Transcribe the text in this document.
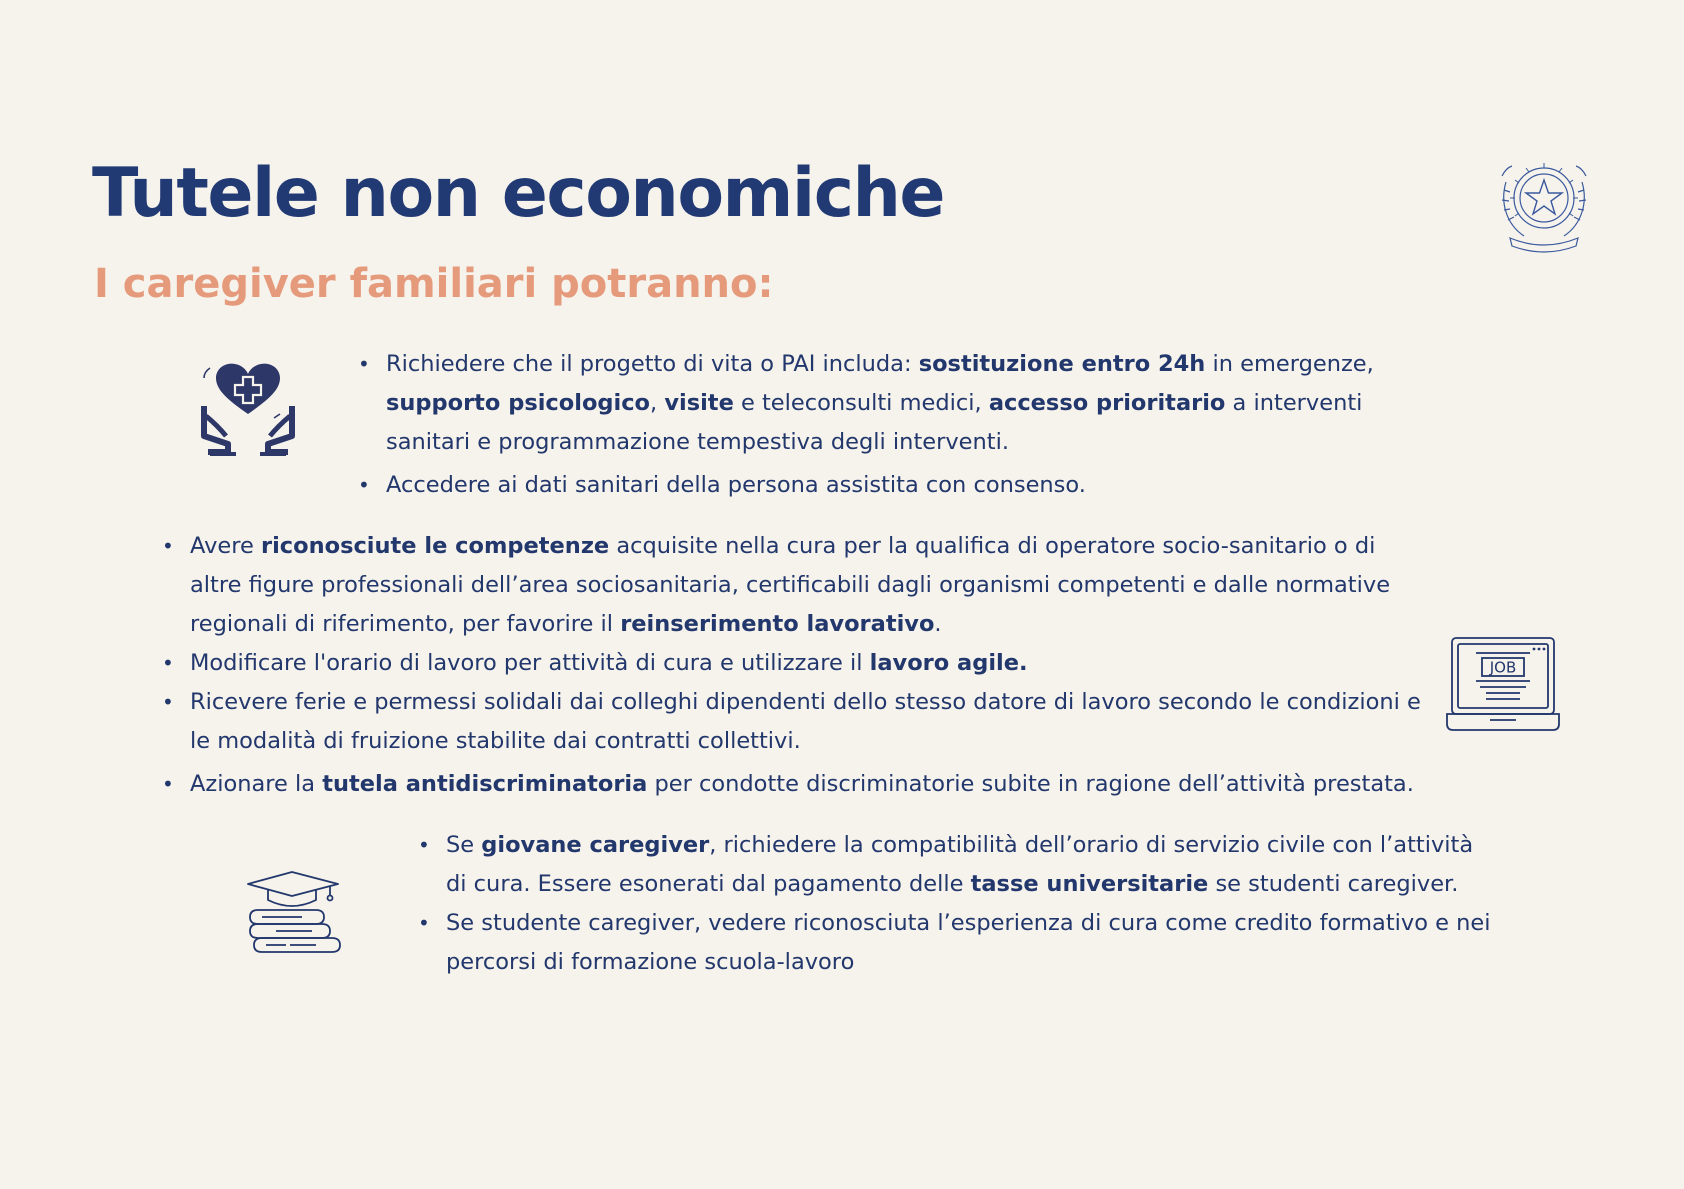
Tutele non economiche
I caregiver familiari potranno:
• Richiedere che il progetto di vita o PAI includa: sostituzione entro 24h in emergenze, supporto psicologico, visite e teleconsulti medici, accesso prioritario a interventi sanitari e programmazione tempestiva degli interventi.
• Accedere ai dati sanitari della persona assistita con consenso.
• Avere riconosciute le competenze acquisite nella cura per la qualifica di operatore socio-sanitario o di altre figure professionali dell’area sociosanitaria, certificabili dagli organismi competenti e dalle normative regionali di riferimento, per favorire il reinserimento lavorativo.
• Modificare l'orario di lavoro per attività di cura e utilizzare il lavoro agile.
• Ricevere ferie e permessi solidali dai colleghi dipendenti dello stesso datore di lavoro secondo le condizioni e le modalità di fruizione stabilite dai contratti collettivi.
• Azionare la tutela antidiscriminatoria per condotte discriminatorie subite in ragione dell’attività prestata.
JOB
• Se giovane caregiver, richiedere la compatibilità dell’orario di servizio civile con l’attività di cura. Essere esonerati dal pagamento delle tasse universitarie se studenti caregiver.
• Se studente caregiver, vedere riconosciuta l’esperienza di cura come credito formativo e nei percorsi di formazione scuola-lavoro
